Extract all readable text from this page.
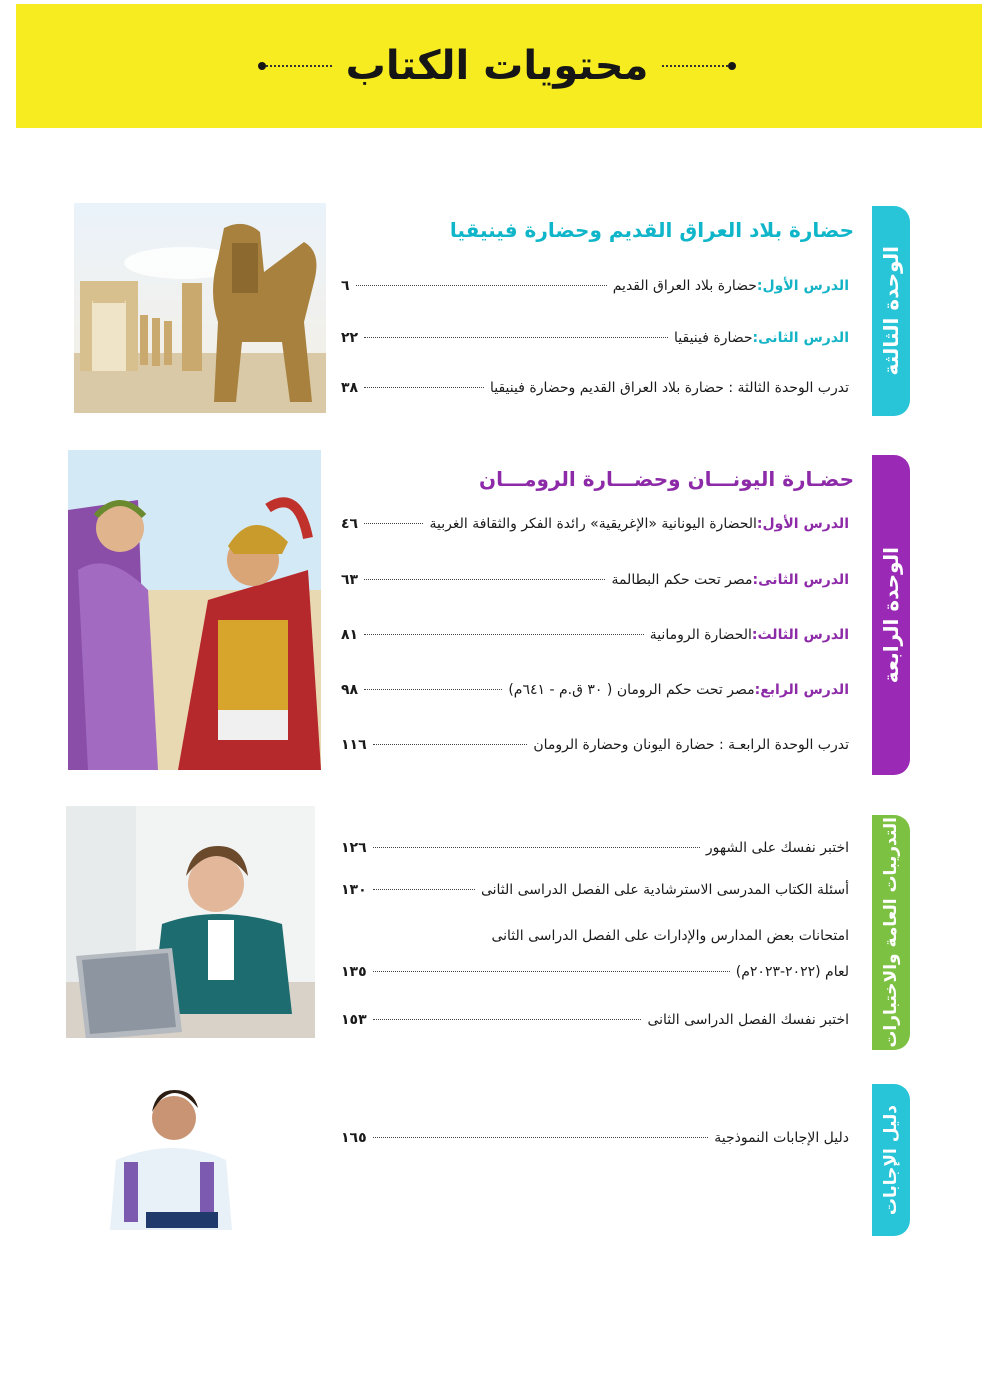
محتويات الكتاب
الوحدة الثالثة
الوحدة الرابعة
التدريبات العامة والاختبارات
دليل الإجابات
حضارة بلاد العراق القديم وحضارة فينيقيا
الدرس الأول:
حضارة بلاد العراق القديم
٦
الدرس الثانى:
حضارة فينيقيا
٢٢
تدرب الوحدة الثالثة : حضارة بلاد العراق القديم وحضارة فينيقيا
٣٨
حضـارة اليونـــان وحضـــارة الرومـــان
الدرس الأول:
الحضارة اليونانية «الإغريقية» رائدة الفكر والثقافة الغربية
٤٦
الدرس الثانى:
مصر تحت حكم البطالمة
٦٣
الدرس الثالث:
الحضارة الرومانية
٨١
الدرس الرابع:
مصر تحت حكم الرومان ( ٣٠ ق.م - ٦٤١م)
٩٨
تدرب الوحدة الرابعـة : حضارة اليونان وحضارة الرومان
١١٦
اختبر نفسك على الشهور
١٢٦
أسئلة الكتاب المدرسى الاسترشادية على الفصل الدراسى الثانى
١٣٠
امتحانات بعض المدارس والإدارات على الفصل الدراسى الثانى
لعام (٢٠٢٢-٢٠٢٣م)
١٣٥
اختبر نفسك الفصل الدراسى الثانى
١٥٣
دليل الإجابات النموذجية
١٦٥
